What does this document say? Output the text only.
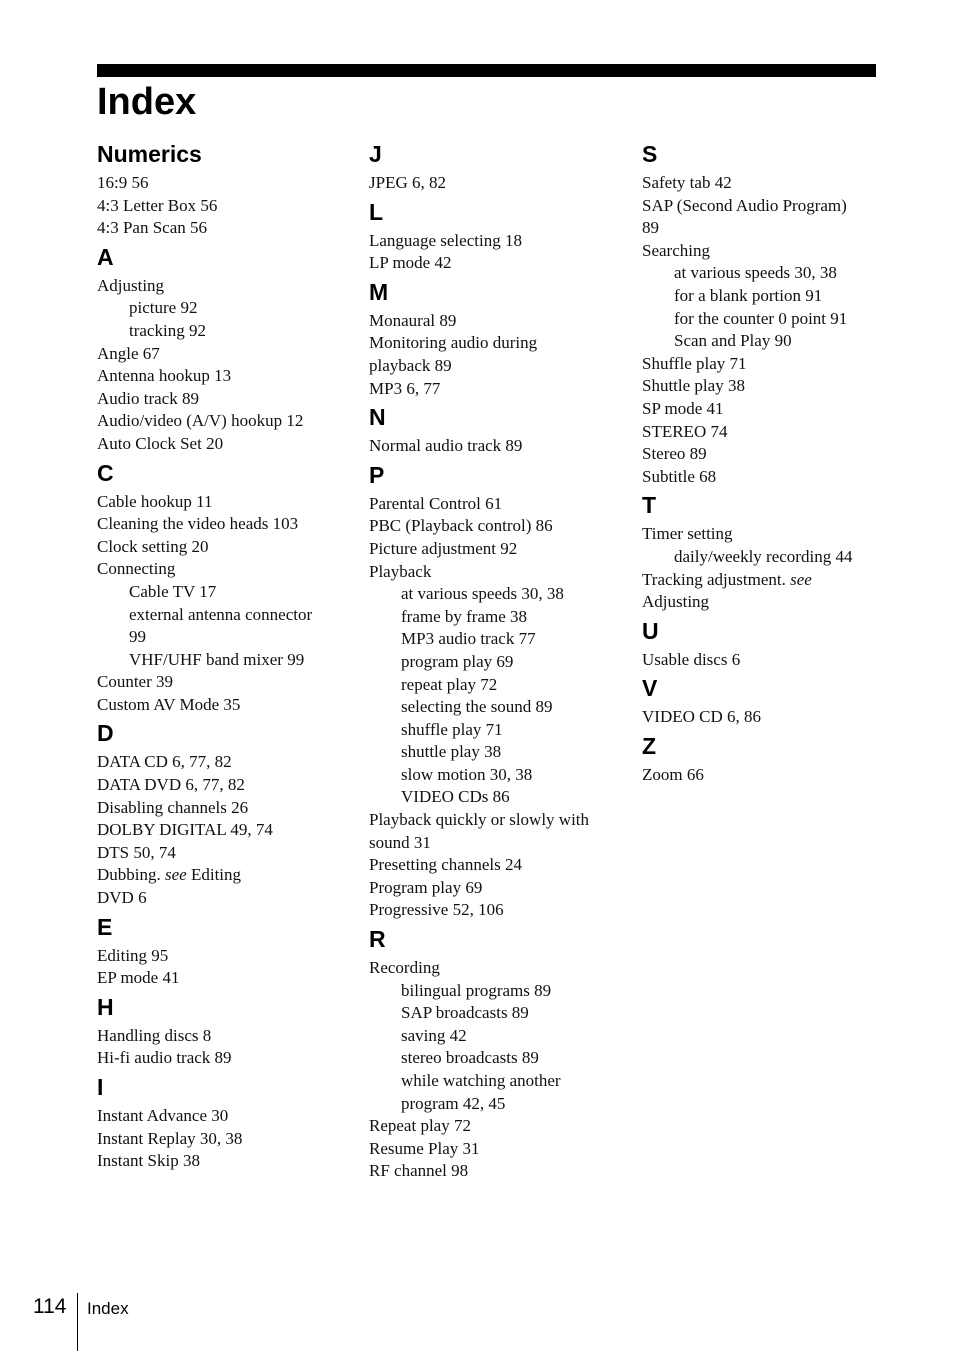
Index
Numerics
16:9 56
4:3 Letter Box 56
4:3 Pan Scan 56
A
Adjusting
picture 92
tracking 92
Angle 67
Antenna hookup 13
Audio track 89
Audio/video (A/V) hookup 12
Auto Clock Set 20
C
Cable hookup 11
Cleaning the video heads 103
Clock setting 20
Connecting
Cable TV 17
external antenna connector
99
VHF/UHF band mixer 99
Counter 39
Custom AV Mode 35
D
DATA CD 6, 77, 82
DATA DVD 6, 77, 82
Disabling channels 26
DOLBY DIGITAL 49, 74
DTS 50, 74
Dubbing. see Editing
DVD 6
E
Editing 95
EP mode 41
H
Handling discs 8
Hi-fi audio track 89
I
Instant Advance 30
Instant Replay 30, 38
Instant Skip 38
J
JPEG 6, 82
L
Language selecting 18
LP mode 42
M
Monaural 89
Monitoring audio during
playback 89
MP3 6, 77
N
Normal audio track 89
P
Parental Control 61
PBC (Playback control) 86
Picture adjustment 92
Playback
at various speeds 30, 38
frame by frame 38
MP3 audio track 77
program play 69
repeat play 72
selecting the sound 89
shuffle play 71
shuttle play 38
slow motion 30, 38
VIDEO CDs 86
Playback quickly or slowly with
sound 31
Presetting channels 24
Program play 69
Progressive 52, 106
R
Recording
bilingual programs 89
SAP broadcasts 89
saving 42
stereo broadcasts 89
while watching another
program 42, 45
Repeat play 72
Resume Play 31
RF channel 98
S
Safety tab 42
SAP (Second Audio Program)
89
Searching
at various speeds 30, 38
for a blank portion 91
for the counter 0 point 91
Scan and Play 90
Shuffle play 71
Shuttle play 38
SP mode 41
STEREO 74
Stereo 89
Subtitle 68
T
Timer setting
daily/weekly recording 44
Tracking adjustment. see
Adjusting
U
Usable discs 6
V
VIDEO CD 6, 86
Z
Zoom 66
114 Index
